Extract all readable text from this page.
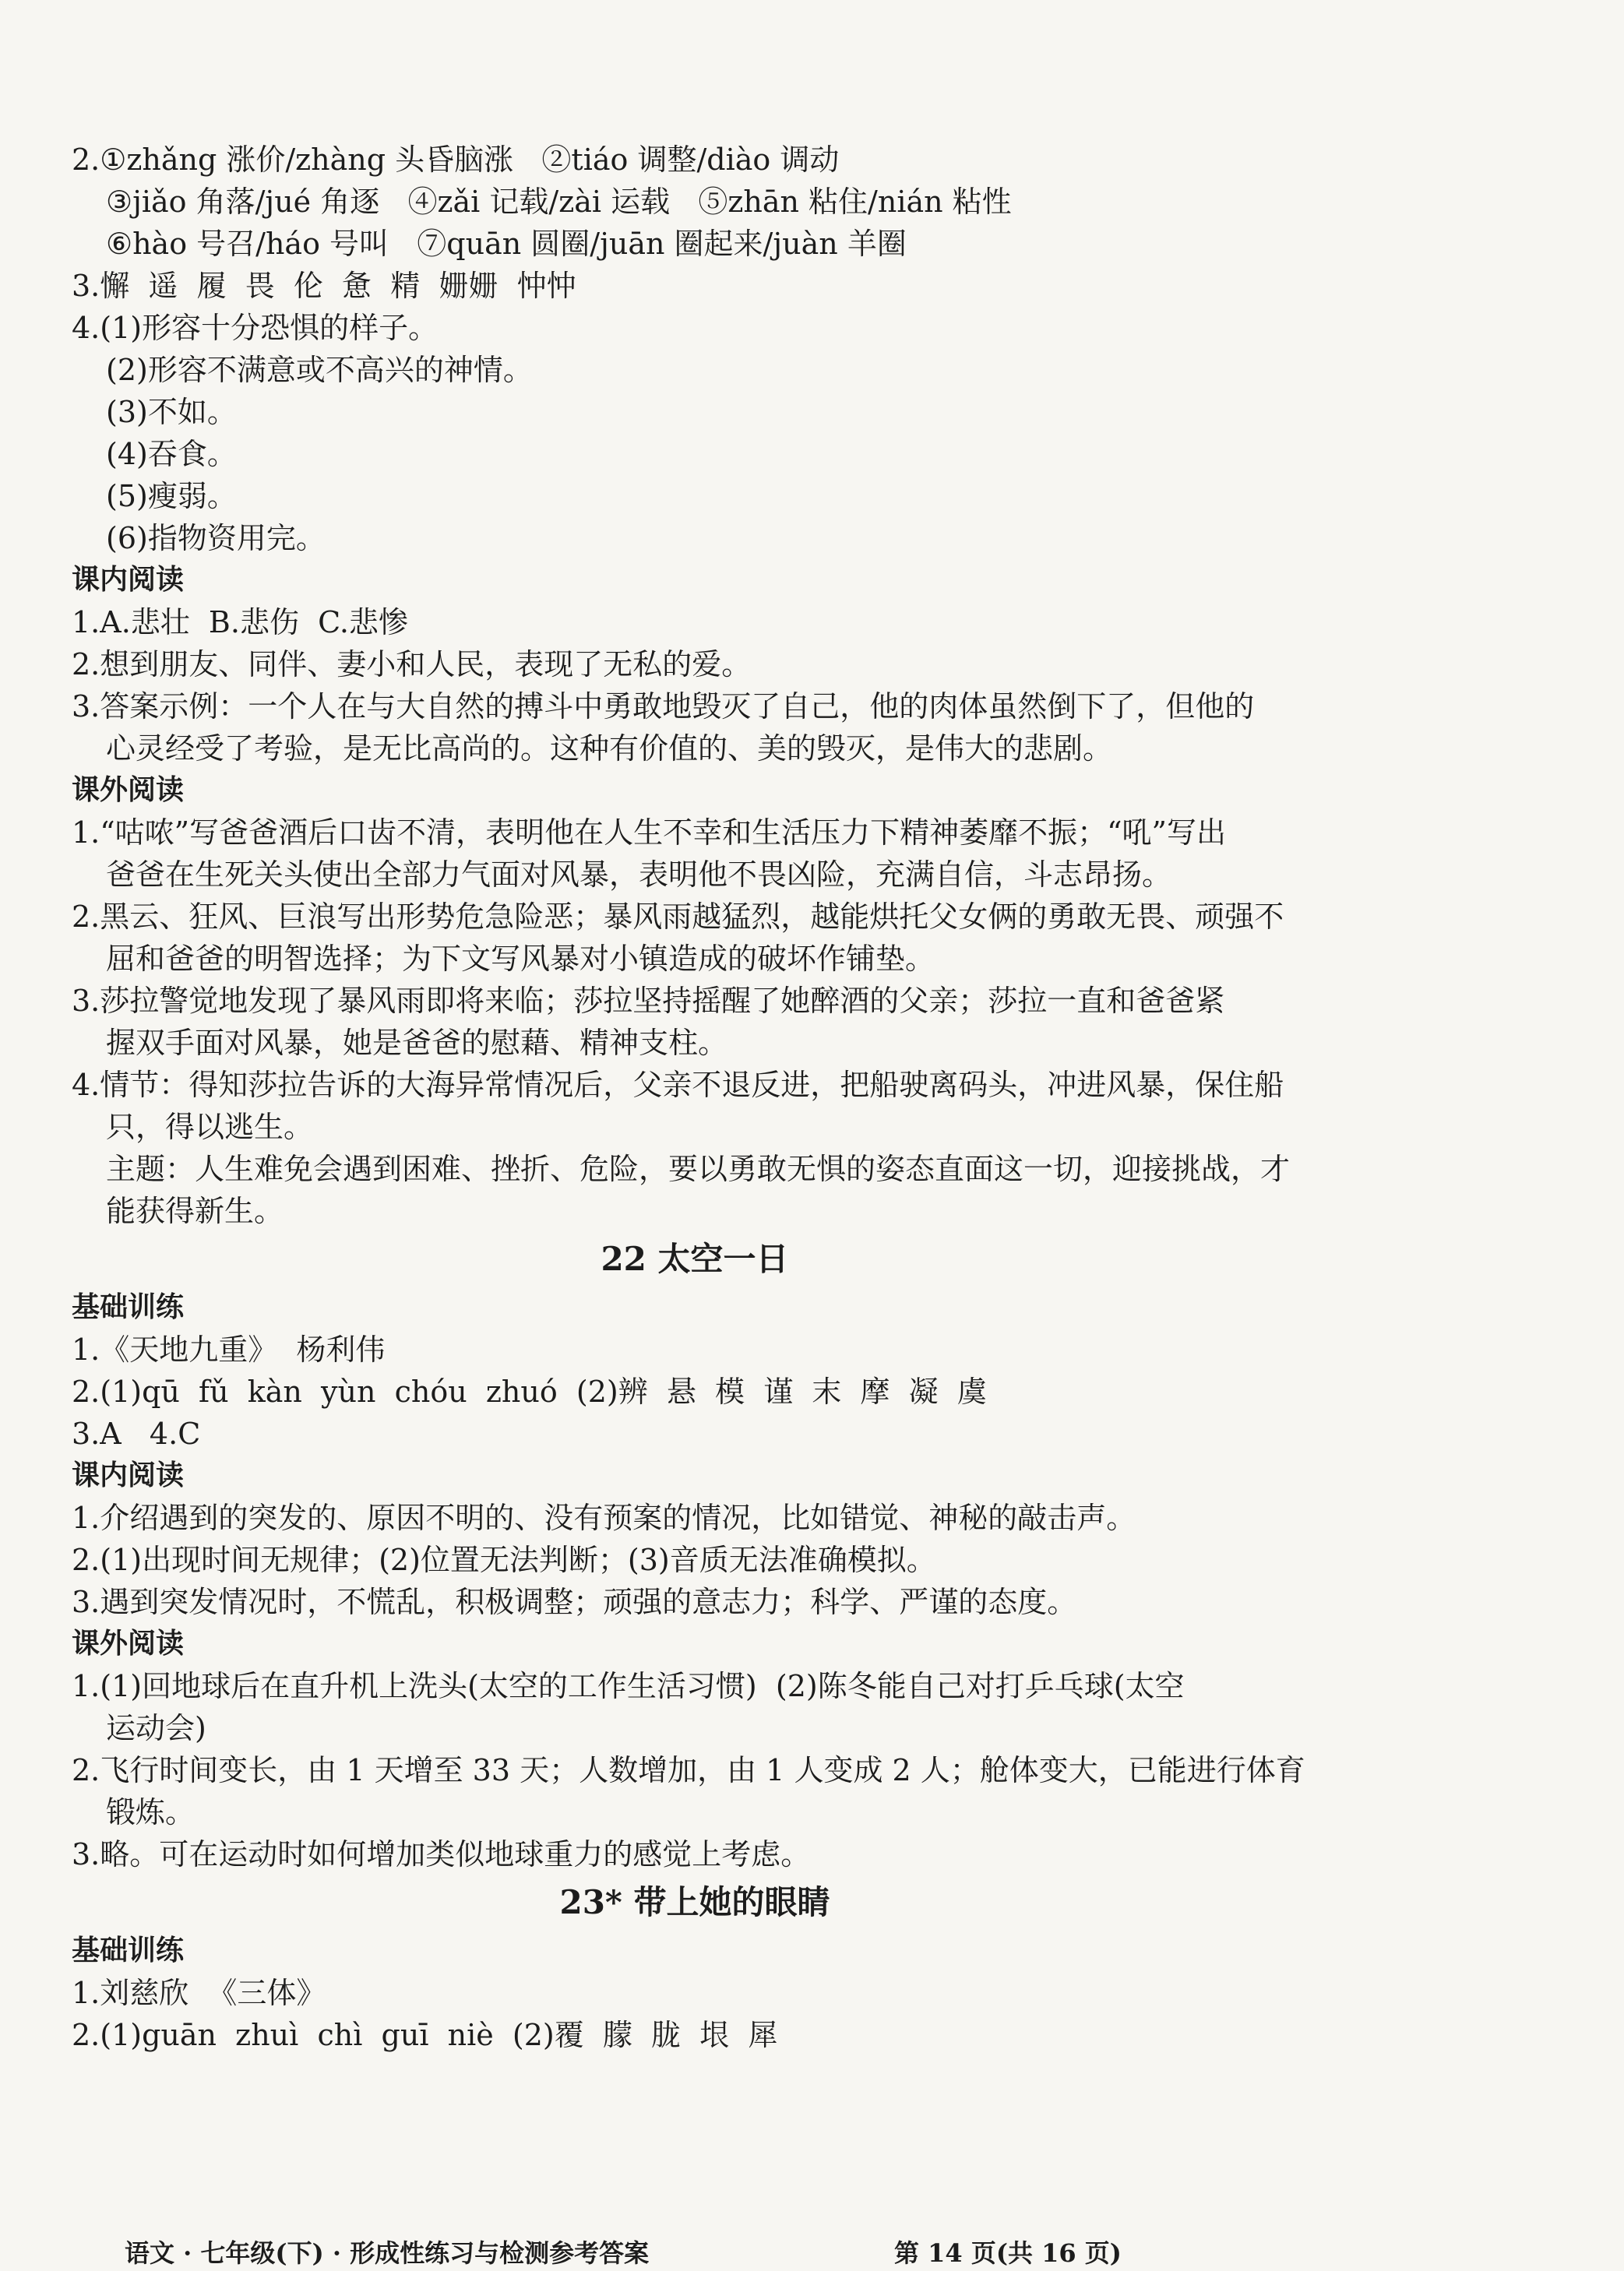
2.①zhǎng 涨价/zhàng 头昏脑涨   ②tiáo 调整/diào 调动
③jiǎo 角落/jué 角逐   ④zǎi 记载/zài 运载   ⑤zhān 粘住/nián 粘性
⑥hào 号召/háo 号叫   ⑦quān 圆圈/juān 圈起来/juàn 羊圈
3.懈  遥  履  畏  伦  惫  精  姗姗  忡忡
4.(1)形容十分恐惧的样子。
(2)形容不满意或不高兴的神情。
(3)不如。
(4)吞食。
(5)瘦弱。
(6)指物资用完。
课内阅读
1.A.悲壮  B.悲伤  C.悲惨
2.想到朋友、同伴、妻小和人民，表现了无私的爱。
3.答案示例：一个人在与大自然的搏斗中勇敢地毁灭了自己，他的肉体虽然倒下了，但他的
心灵经受了考验，是无比高尚的。这种有价值的、美的毁灭，是伟大的悲剧。
课外阅读
1.“咕哝”写爸爸酒后口齿不清，表明他在人生不幸和生活压力下精神萎靡不振；“吼”写出
爸爸在生死关头使出全部力气面对风暴，表明他不畏凶险，充满自信，斗志昂扬。
2.黑云、狂风、巨浪写出形势危急险恶；暴风雨越猛烈，越能烘托父女俩的勇敢无畏、顽强不
屈和爸爸的明智选择；为下文写风暴对小镇造成的破坏作铺垫。
3.莎拉警觉地发现了暴风雨即将来临；莎拉坚持摇醒了她醉酒的父亲；莎拉一直和爸爸紧
握双手面对风暴，她是爸爸的慰藉、精神支柱。
4.情节：得知莎拉告诉的大海异常情况后，父亲不退反进，把船驶离码头，冲进风暴，保住船
只，得以逃生。
主题：人生难免会遇到困难、挫折、危险，要以勇敢无惧的姿态直面这一切，迎接挑战，才
能获得新生。
22 太空一日
基础训练
1.《天地九重》  杨利伟
2.(1)qū  fǔ  kàn  yùn  chóu  zhuó  (2)辨  悬  模  谨  末  摩  凝  虞
3.A   4.C
课内阅读
1.介绍遇到的突发的、原因不明的、没有预案的情况，比如错觉、神秘的敲击声。
2.(1)出现时间无规律；(2)位置无法判断；(3)音质无法准确模拟。
3.遇到突发情况时，不慌乱，积极调整；顽强的意志力；科学、严谨的态度。
课外阅读
1.(1)回地球后在直升机上洗头(太空的工作生活习惯)  (2)陈冬能自己对打乒乓球(太空
运动会)
2.飞行时间变长，由 1 天增至 33 天；人数增加，由 1 人变成 2 人；舱体变大，已能进行体育
锻炼。
3.略。可在运动时如何增加类似地球重力的感觉上考虑。
23* 带上她的眼睛
基础训练
1.刘慈欣  《三体》
2.(1)guān  zhuì  chì  guī  niè  (2)覆  朦  胧  垠  犀
语文 · 七年级(下) · 形成性练习与检测参考答案	第 14 页(共 16 页)
